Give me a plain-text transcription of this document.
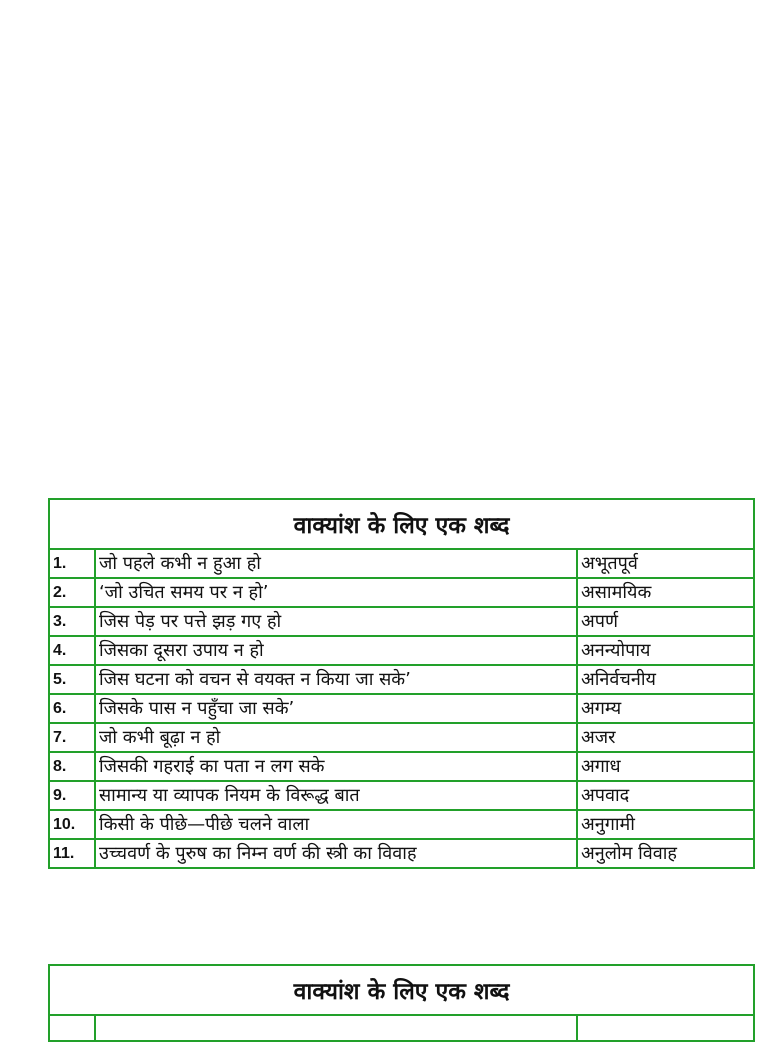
वाक्यांश के लिए एक शब्द		
1.	जो पहले कभी न हुआ हो	अभूतपूर्व
2.	‘जो उचित समय पर न हो’	असामयिक
3.	जिस पेड़ पर पत्ते झड़ गए हो	अपर्ण
4.	जिसका दूसरा उपाय न हो	अनन्योपाय
5.	जिस घटना को वचन से वयक्त न किया जा सके’	अनिर्वचनीय
6.	जिसके पास न पहुँचा जा सके’	अगम्य
7.	जो कभी बूढ़ा न हो	अजर
8.	जिसकी गहराई का पता न लग सके	अगाध
9.	सामान्य या व्यापक नियम के विरूद्ध बात	अपवाद
10.	किसी के पीछे—पीछे चलने वाला	अनुगामी
11.	उच्चवर्ण के पुरुष का निम्न वर्ण की स्त्री का विवाह	अनुलोम विवाह
वाक्यांश के लिए एक शब्द
